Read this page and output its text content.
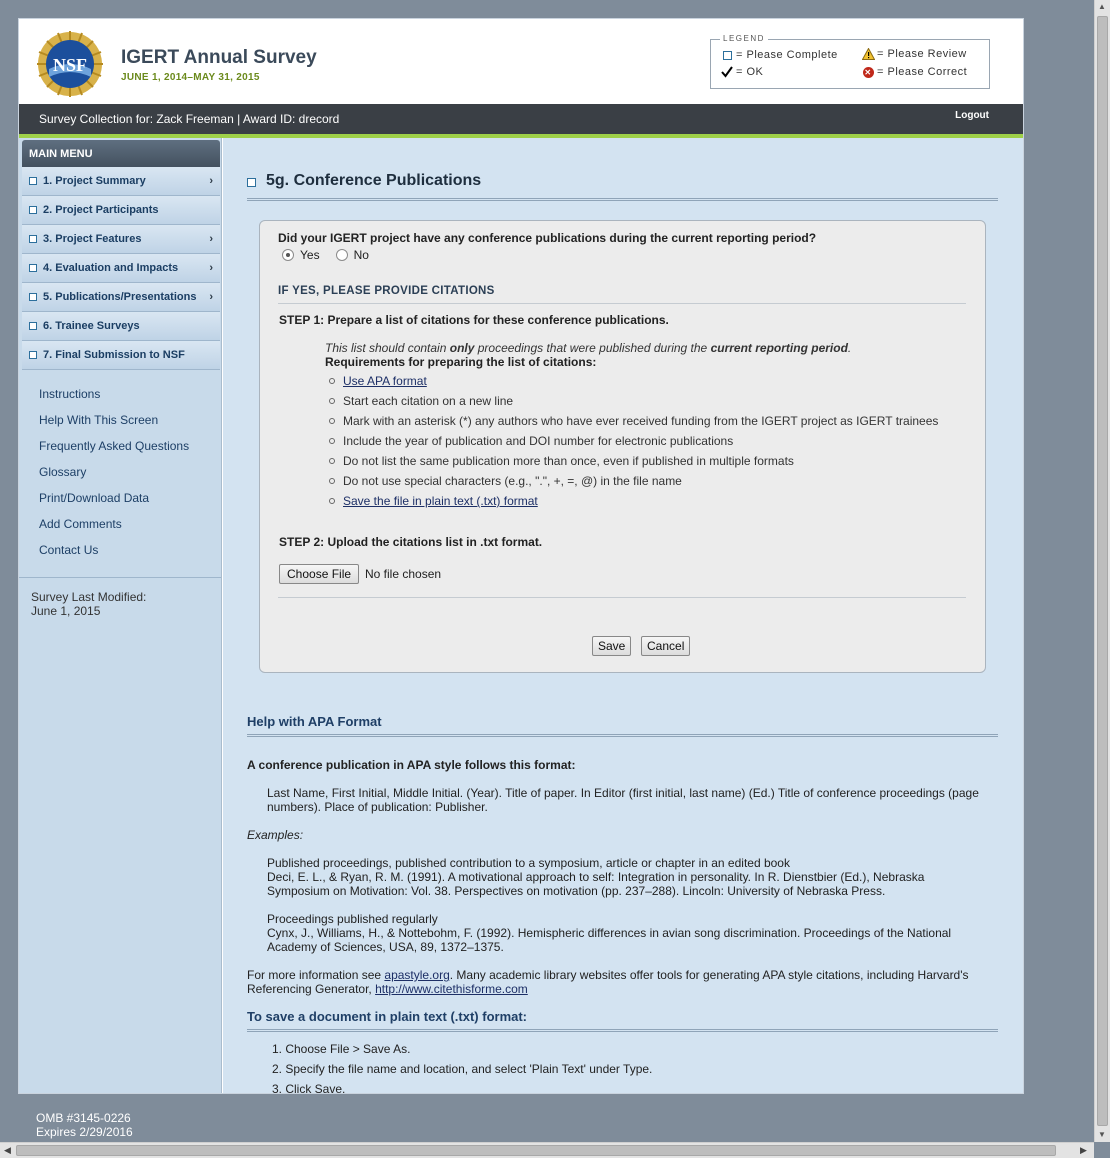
NSF IGERT Annual Survey
JUNE 1, 2014–MAY 31, 2015
LEGEND
= Please Complete	= Please Review
= OK	✕ = Please Correct
Survey Collection for: Zack Freeman | Award ID: drecord	Logout
MAIN MENU
1. Project Summary	›
2. Project Participants
3. Project Features	›
4. Evaluation and Impacts	›
5. Publications/Presentations ›
6. Trainee Surveys
7. Final Submission to NSF
Instructions
Help With This Screen
Frequently Asked Questions
Glossary
Print/Download Data
Add Comments
Contact Us
Survey Last Modified:
June 1, 2015
5g. Conference Publications
Did your IGERT project have any conference publications during the current reporting period?
Yes	No
IF YES, PLEASE PROVIDE CITATIONS
STEP 1: Prepare a list of citations for these conference publications.
This list should contain only proceedings that were published during the current reporting period.
Requirements for preparing the list of citations:
Use APA format
Start each citation on a new line
Mark with an asterisk (*) any authors who have ever received funding from the IGERT project as IGERT trainees
Include the year of publication and DOI number for electronic publications
Do not list the same publication more than once, even if published in multiple formats
Do not use special characters (e.g., ".", +, =, @) in the file name
Save the file in plain text (.txt) format
STEP 2: Upload the citations list in .txt format.
Choose File	No file chosen
Save	Cancel
Help with APA Format
A conference publication in APA style follows this format:
Last Name, First Initial, Middle Initial. (Year). Title of paper. In Editor (first initial, last name) (Ed.) Title of conference proceedings (page
numbers). Place of publication: Publisher.
Examples:
Published proceedings, published contribution to a symposium, article or chapter in an edited book
Deci, E. L., & Ryan, R. M. (1991). A motivational approach to self: Integration in personality. In R. Dienstbier (Ed.), Nebraska
Symposium on Motivation: Vol. 38. Perspectives on motivation (pp. 237–288). Lincoln: University of Nebraska Press.
Proceedings published regularly
Cynx, J., Williams, H., & Nottebohm, F. (1992). Hemispheric differences in avian song discrimination. Proceedings of the National
Academy of Sciences, USA, 89, 1372–1375.
For more information see apastyle.org. Many academic library websites offer tools for generating APA style citations, including Harvard's
Referencing Generator, http://www.citethisforme.com
To save a document in plain text (.txt) format:
1. Choose File > Save As.
2. Specify the file name and location, and select 'Plain Text' under Type.
3. Click Save.
OMB #3145-0226
Expires 2/29/2016
▲
▼
◀	▶
